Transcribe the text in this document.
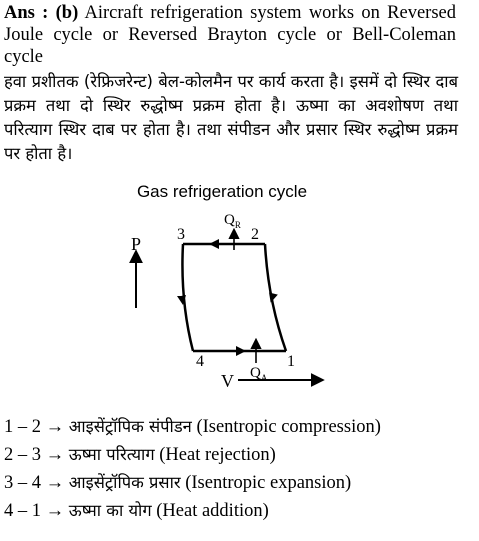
Ans : (b) Aircraft refrigeration system works on Reversed Joule cycle or Reversed Brayton cycle or Bell-Coleman cycle
हवा प्रशीतक (रेफ्रिजरेन्ट) बेल-कोलमैन पर कार्य करता है। इसमें दो स्थिर दाब प्रक्रम तथा दो स्थिर रुद्धोष्म प्रक्रम होता है। ऊष्मा का अवशोषण तथा परित्याग स्थिर दाब पर होता है। तथा संपीडन और प्रसार स्थिर रुद्धोष्म प्रक्रम पर होता है।
Gas refrigeration cycle
P
V
$Q_R$
$Q_A$
1
2
3
4
1 – 2 → आइसेंट्रॉपिक संपीडन (Isentropic compression)
2 – 3 → ऊष्मा परित्याग (Heat rejection)
3 – 4 → आइसेंट्रॉपिक प्रसार (Isentropic expansion)
4 – 1 → ऊष्मा का योग (Heat addition)
